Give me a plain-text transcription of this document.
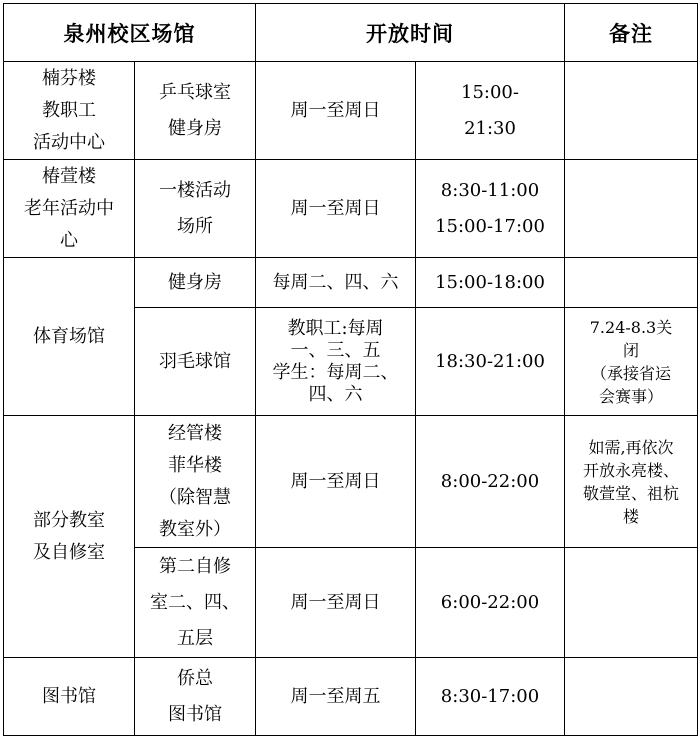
泉州校区场馆		开放时间		备注

楠芬楼
教职工
活动中心	乒乓球室
健身房	周一至周日	15:00-
21:30	

椿萱楼
老年活动中
心	一楼活动
场所	周一至周日	8:30-11:00
15:00-17:00	

体育场馆	健身房	每周二、四、六	15:00-18:00	

	羽毛球馆	教职工:每周
一、三、五
学生：每周二、
四、六	18:30-21:00	7.24-8.3关
闭
（承接省运
会赛事）

部分教室
及自修室	经管楼
菲华楼
（除智慧
教室外）	周一至周日	8:00-22:00	如需,再依次
开放永亮楼、
敬萱堂、祖杭
楼

	第二自修
室二、四、
五层	周一至周日	6:00-22:00	

图书馆	侨总
图书馆	周一至周五	8:30-17:00	
